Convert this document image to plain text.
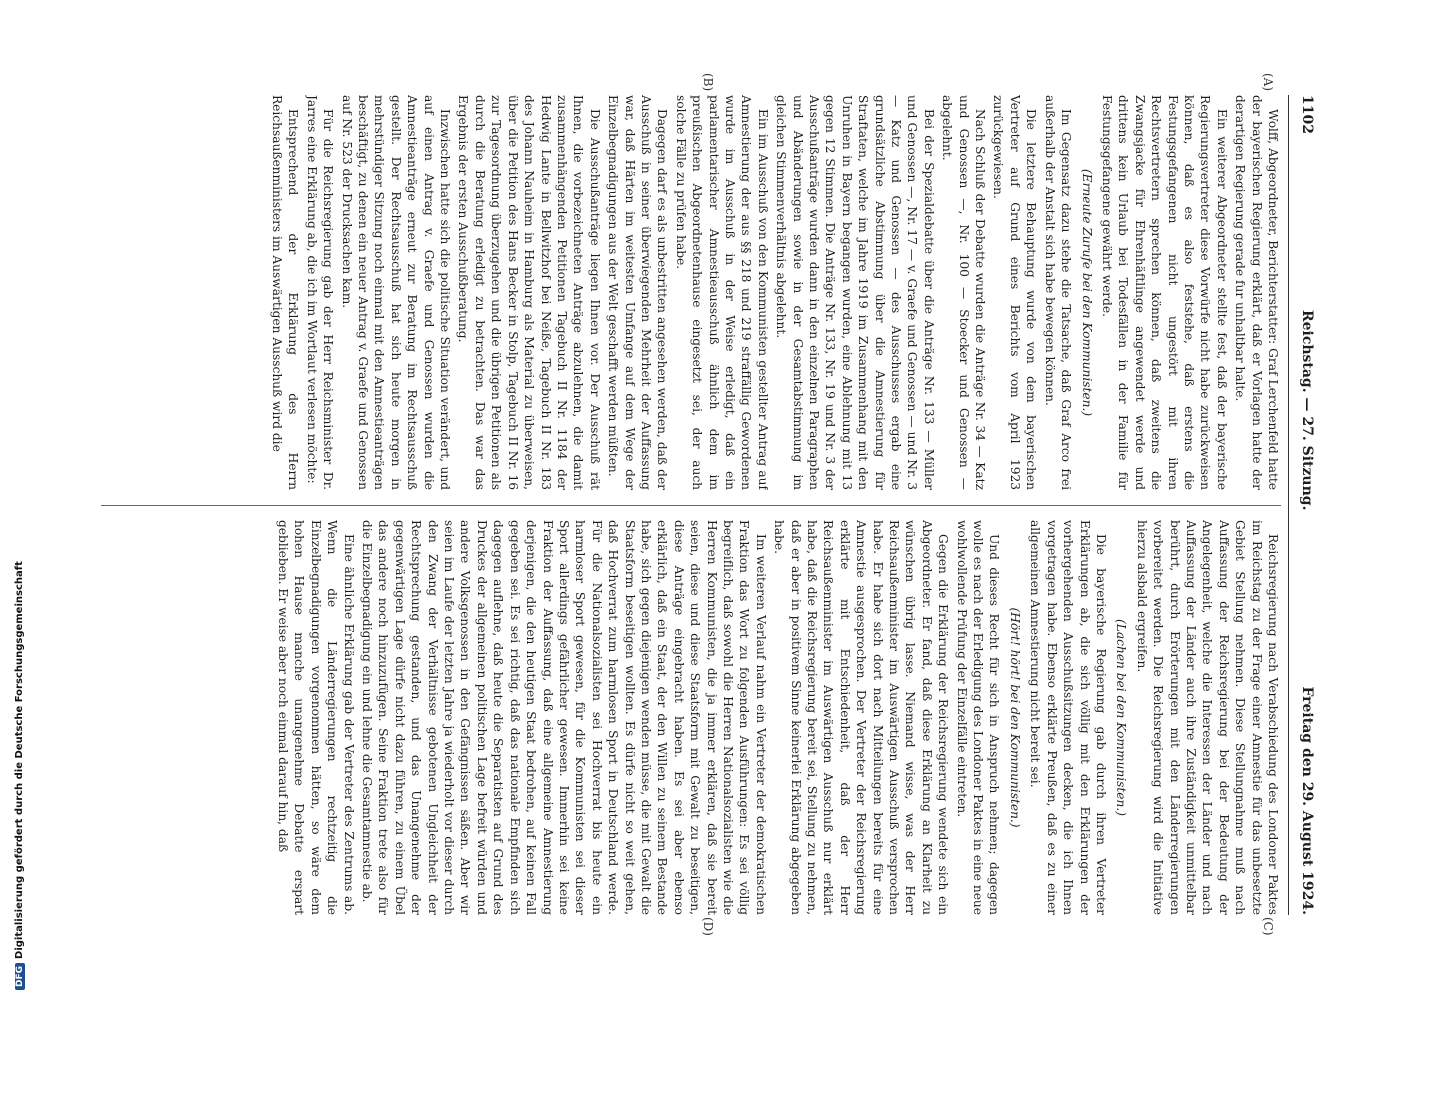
DFGDigitalisierung gefördert durch die Deutsche Forschungsgemeinschaft
1102
Reichstag. — 27. Sitzung.
Freitag den 29. August 1924.

Wolff, Abgeordneter, Berichterstatter: Graf Lerchenfeld hatte der bayerischen Regierung erklärt, daß er Vorlagen hatte der derartigen Regierung gerade fur unhaltbar halte.

Ein weiterer Abgeordneter stellte fest, daß der bayerische Regierungsvertreter diese Vorwürfe nicht habe zurückweisen können, daß es also feststehe, daß erstens die Festungsgefangenen nicht ungestört mit ihren Rechtsvertretern sprechen können, daß zweitens die Zwangsjacke für Ehrenhäftlinge angewendet werde und drittens kein Urlaub bei Todesfällen in der Familie für Festungsgefangene gewährt werde.

(Erneute Zurufe bei den Kommunisten.)

Im Gegensatz dazu stehe die Tatsache, daß Graf Arco frei außerhalb der Anstalt sich habe bewegen können.

Die letztere Behauptung wurde von dem bayerischen Vertreter auf Grund eines Berichts vom April 1923 zurückgewiesen.

Nach Schluß der Debatte wurden die Anträge Nr. 34 — Katz und Genossen —, Nr. 100 — Stoecker und Genossen — abgelehnt.

Bei der Spezialdebatte über die Anträge Nr. 133 — Müller und Genossen —, Nr. 17 — v. Graefe und Genossen — und Nr. 3 — Katz und Genossen — des Ausschusses ergab eine grundsätzliche Abstimmung über die Amnestierung für Straftaten, welche im Jahre 1919 im Zusammenhang mit den Unruhen in Bayern begangen wurden, eine Ablehnung mit 13 gegen 12 Stimmen. Die Anträge Nr. 133, Nr. 19 und Nr. 3 der Ausschußanträge wurden dann in den einzelnen Paragraphen und Abänderungen sowie in der Gesamtabstimmung im gleichen Stimmenverhältnis abgelehnt.

Ein im Ausschuß von den Kommunisten gestellter Antrag auf Amnestierung der aus §§ 218 und 219 straffällig Gewordenen wurde im Ausschuß in der Weise erledigt, daß ein parlamentarischer Amnestieausschuß ähnlich dem im preußischen Abgeordnetenhause eingesetzt sei, der auch solche Fälle zu prüfen habe.

Dagegen darf es als unbestritten angesehen werden, daß der Ausschuß in seiner überwiegenden Mehrheit der Auffassung war, daß Härten im weitesten Umfange auf dem Wege der Einzelbegnadigungen aus der Welt geschafft werden müßten.

Die Ausschußanträge liegen Ihnen vor. Der Ausschuß rät Ihnen, die vorbezeichneten Anträge abzulehnen, die damit zusammenhängenden Petitionen Tagebuch II Nr. 1184 der Hedwig Lante in Bellwitzhof bei Neiße, Tagebuch II Nr. 183 des Johann Nauheim in Hamburg als Material zu überweisen, über die Petition des Hans Becker in Stolp, Tagebuch II Nr. 16 zur Tagesordnung überzugehen und die übrigen Petitionen als durch die Beratung erledigt zu betrachten. Das war das Ergebnis der ersten Ausschußberatung.

Inzwischen hatte sich die politische Situation verändert, und auf einen Antrag v. Graefe und Genossen wurden die Amnestieanträge erneut zur Beratung im Rechtsausschuß gestellt. Der Rechtsausschuß hat sich heute morgen in mehrstündiger Sitzung noch einmal mit den Amnestieanträgen beschäftigt, zu denen ein neuer Antrag v. Graefe und Genossen auf Nr. 523 der Drucksachen kam.

Für die Reichsregierung gab der Herr Reichsminister Dr. Jarres eine Erklärung ab, die ich im Wortlaut verlesen möchte:

Entsprechend der Erklärung des Herrn Reichsaußenministers im Auswärtigen Ausschuß wird die

Reichsregierung nach Verabschiedung des Londoner Paktes im Reichstag zu der Frage einer Amnestie für das unbesetzte Gebiet Stellung nehmen. Diese Stellungnahme muß nach Auffassung der Reichsregierung bei der Bedeutung der Angelegenheit, welche die Interessen der Länder und nach Auffassung der Länder auch ihre Zuständigkeit unmittelbar berührt, durch Erörterungen mit den Länderregierungen vorbereitet werden. Die Reichsregierung wird die Initiative hierzu alsbald ergreifen.

(Lachen bei den Kommunisten.)

Die bayerische Regierung gab durch ihren Vertreter Erklärungen ab, die sich völlig mit den Erklärungen der vorhergehenden Ausschußsitzungen decken, die ich Ihnen vorgetragen habe. Ebenso erklärte Preußen, daß es zu einer allgemeinen Amnestierung nicht bereit sei.

(Hört! hört! bei den Kommunisten.)

Und dieses Recht für sich in Anspruch nehmen; dagegen wolle es nach der Erledigung des Londoner Paktes in eine neue wohlwollende Prüfung der Einzelfälle eintreten.

Gegen die Erklärung der Reichsregierung wendete sich ein Abgeordneter. Er fand, daß diese Erklärung an Klarheit zu wünschen übrig lasse. Niemand wisse, was der Herr Reichsaußenminister im Auswärtigen Ausschuß versprochen habe. Er habe sich dort nach Mitteilungen bereits für eine Amnestie ausgesprochen. Der Vertreter der Reichsregierung erklärte mit Entschiedenheit, daß der Herr Reichsaußenminister im Auswärtigen Ausschuß nur erklärt habe, daß die Reichsregierung bereit sei, Stellung zu nehmen, daß er aber in positivem Sinne keinerlei Erklärung abgegeben habe.

Im weiteren Verlauf nahm ein Vertreter der demokratischen Fraktion das Wort zu folgenden Ausführungen: Es sei völlig begreiflich, daß sowohl die Herren Nationalsozialisten wie die Herren Kommunisten, die ja immer erklären, daß sie bereit seien, diese und diese Staatsform mit Gewalt zu beseitigen, diese Anträge eingebracht haben. Es sei aber ebenso erklärlich, daß ein Staat, der den Willen zu seinem Bestande habe, sich gegen diejenigen wenden müsse, die mit Gewalt die Staatsform beseitigen wollten. Es dürfe nicht so weit gehen, daß Hochverrat zum harmlosen Sport in Deutschland werde. Für die Nationalsozialisten sei Hochverrat bis heute ein harmloser Sport gewesen, für die Kommunisten sei dieser Sport allerdings gefährlicher gewesen. Immerhin sei keine Fraktion der Auffassung, daß eine allgemeine Amnestierung derjenigen, die den heutigen Staat bedrohen, auf keinen Fall gegeben sei. Es sei richtig, daß das nationale Empfinden sich dagegen auflehne, daß heute die Separatisten auf Grund des Druckes der allgemeinen politischen Lage befreit würden und andere Volksgenossen in den Gefängnissen säßen. Aber wir seien im Laufe der letzten Jahre ja wiederholt vor dieser durch den Zwang der Verhältnisse gebotenen Ungleichheit der Rechtsprechung gestanden, und das Unangenehme der gegenwärtigen Lage dürfe nicht dazu führen, zu einem Übel das andere noch hinzuzufügen. Seine Fraktion trete also für die Einzelbegnadigung ein und lehne die Gesamtamnestie ab.

Eine ähnliche Erklärung gab der Vertreter des Zentrums ab. Wenn die Länderregierungen rechtzeitig die Einzelbegnadigungen vorgenommen hätten, so wäre dem hohen Hause manche unangenehme Debatte erspart geblieben. Er weise aber noch einmal darauf hin, daß

(A)
(B)
(C)
(D)
